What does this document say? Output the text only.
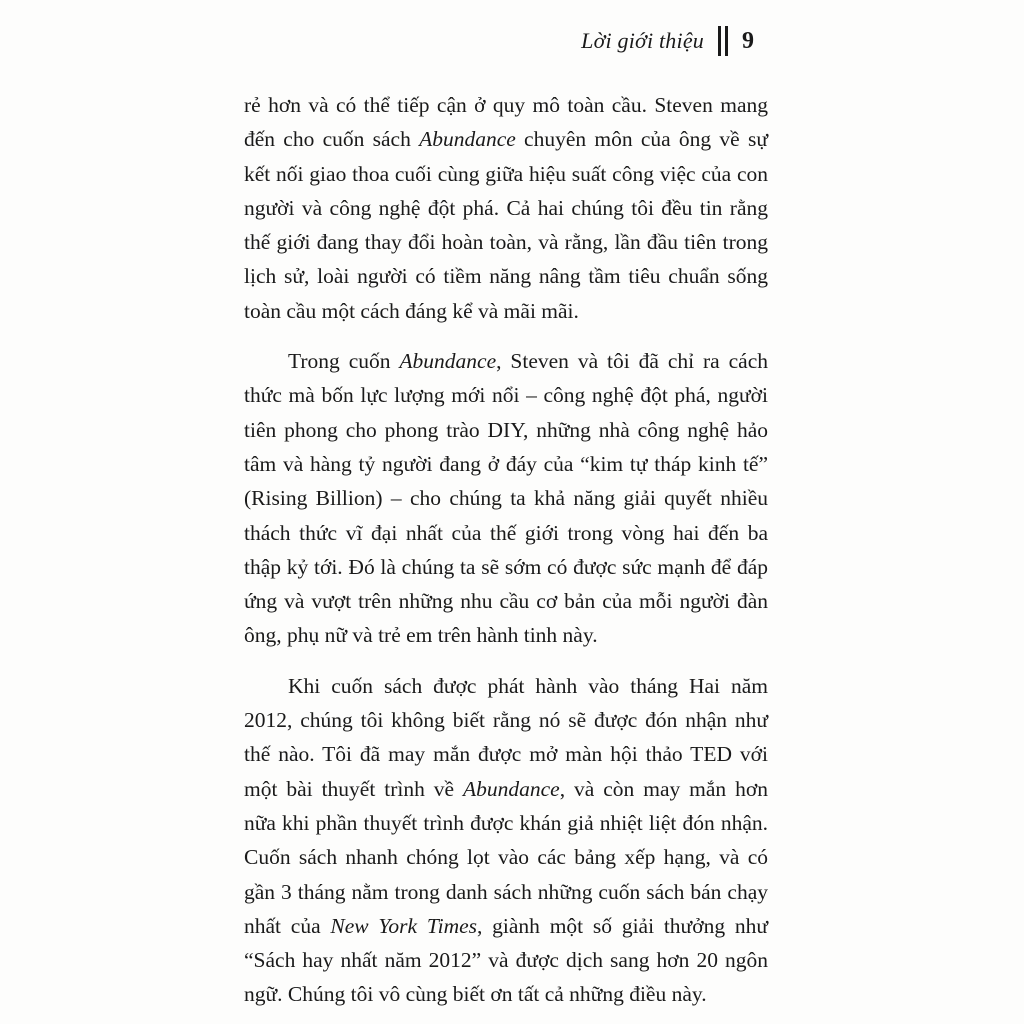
Lời giới thiệu 9

rẻ hơn và có thể tiếp cận ở quy mô toàn cầu. Steven mang đến cho cuốn sách Abundance chuyên môn của ông về sự kết nối giao thoa cuối cùng giữa hiệu suất công việc của con người và công nghệ đột phá. Cả hai chúng tôi đều tin rằng thế giới đang thay đổi hoàn toàn, và rằng, lần đầu tiên trong lịch sử, loài người có tiềm năng nâng tầm tiêu chuẩn sống toàn cầu một cách đáng kể và mãi mãi.

Trong cuốn Abundance, Steven và tôi đã chỉ ra cách thức mà bốn lực lượng mới nổi – công nghệ đột phá, người tiên phong cho phong trào DIY, những nhà công nghệ hảo tâm và hàng tỷ người đang ở đáy của “kim tự tháp kinh tế” (Rising Billion) – cho chúng ta khả năng giải quyết nhiều thách thức vĩ đại nhất của thế giới trong vòng hai đến ba thập kỷ tới. Đó là chúng ta sẽ sớm có được sức mạnh để đáp ứng và vượt trên những nhu cầu cơ bản của mỗi người đàn ông, phụ nữ và trẻ em trên hành tinh này.

Khi cuốn sách được phát hành vào tháng Hai năm 2012, chúng tôi không biết rằng nó sẽ được đón nhận như thế nào. Tôi đã may mắn được mở màn hội thảo TED với một bài thuyết trình về Abundance, và còn may mắn hơn nữa khi phần thuyết trình được khán giả nhiệt liệt đón nhận. Cuốn sách nhanh chóng lọt vào các bảng xếp hạng, và có gần 3 tháng nằm trong danh sách những cuốn sách bán chạy nhất của New York Times, giành một số giải thưởng như “Sách hay nhất năm 2012” và được dịch sang hơn 20 ngôn ngữ. Chúng tôi vô cùng biết ơn tất cả những điều này.
